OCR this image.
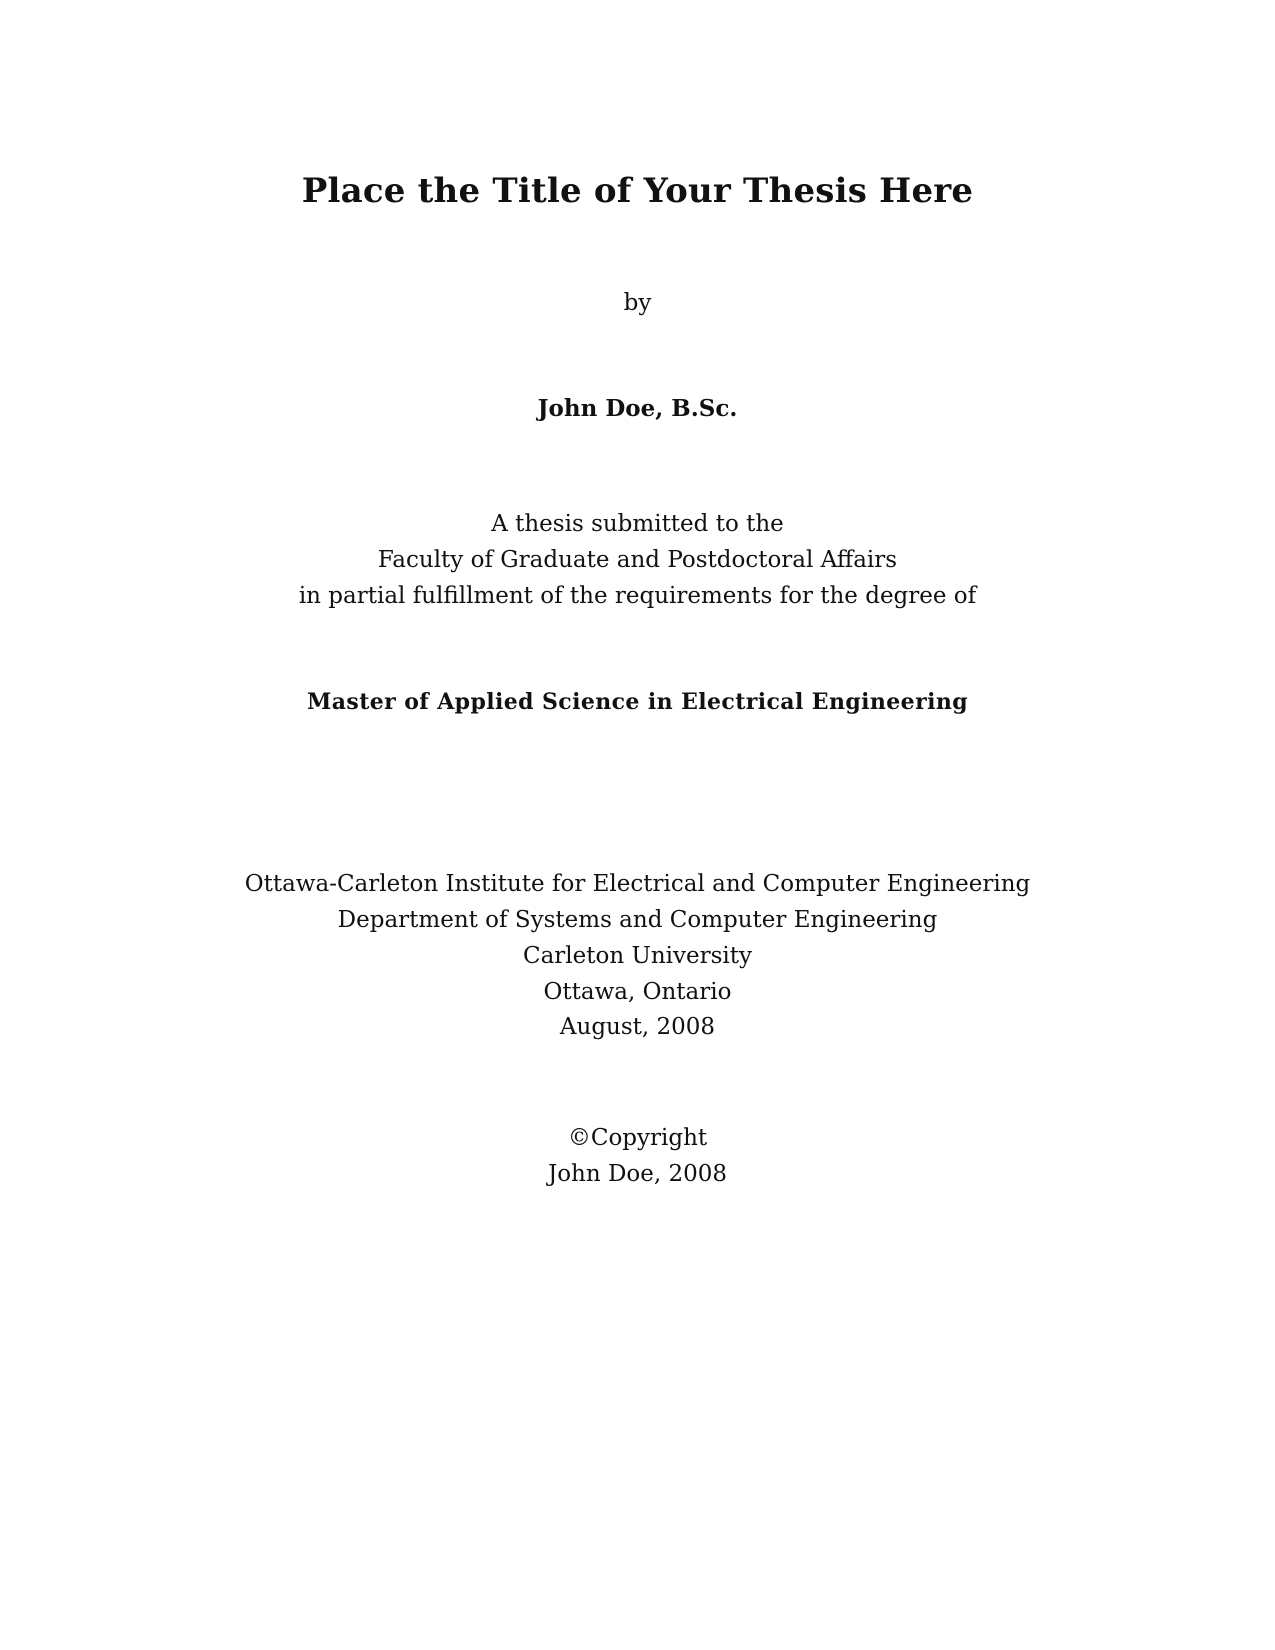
Place the Title of Your Thesis Here

by

John Doe, B.Sc.

A thesis submitted to the

Faculty of Graduate and Postdoctoral Affairs

in partial fulfillment of the requirements for the degree of

Master of Applied Science in Electrical Engineering

Ottawa-Carleton Institute for Electrical and Computer Engineering

Department of Systems and Computer Engineering

Carleton University

Ottawa, Ontario

August, 2008

©Copyright

John Doe, 2008
